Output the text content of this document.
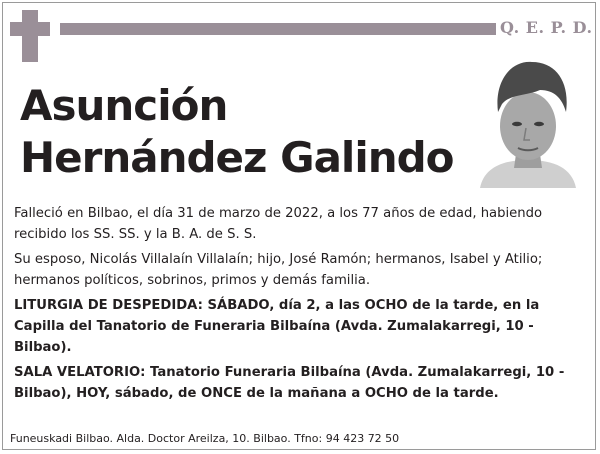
Q. E. P. D.
Asunción
Hernández Galindo

Falleció en Bilbao, el día 31 de marzo de 2022, a los 77 años de edad, habiendo recibido los SS. SS. y la B. A. de S. S.

Su esposo, Nicolás Villalaín Villalaín; hijo, José Ramón; hermanos, Isabel y Atilio; hermanos políticos, sobrinos, primos y demás familia.

LITURGIA DE DESPEDIDA: SÁBADO, día 2, a las OCHO de la tarde, en la Capilla del Tanatorio de Funeraria Bilbaína (Avda. Zumalakarregi, 10 - Bilbao).

SALA VELATORIO: Tanatorio Funeraria Bilbaína (Avda. Zumalakarregi, 10 - Bilbao), HOY, sábado, de ONCE de la mañana a OCHO de la tarde.

Funeuskadi Bilbao. Alda. Doctor Areilza, 10. Bilbao. Tfno: 94 423 72 50
